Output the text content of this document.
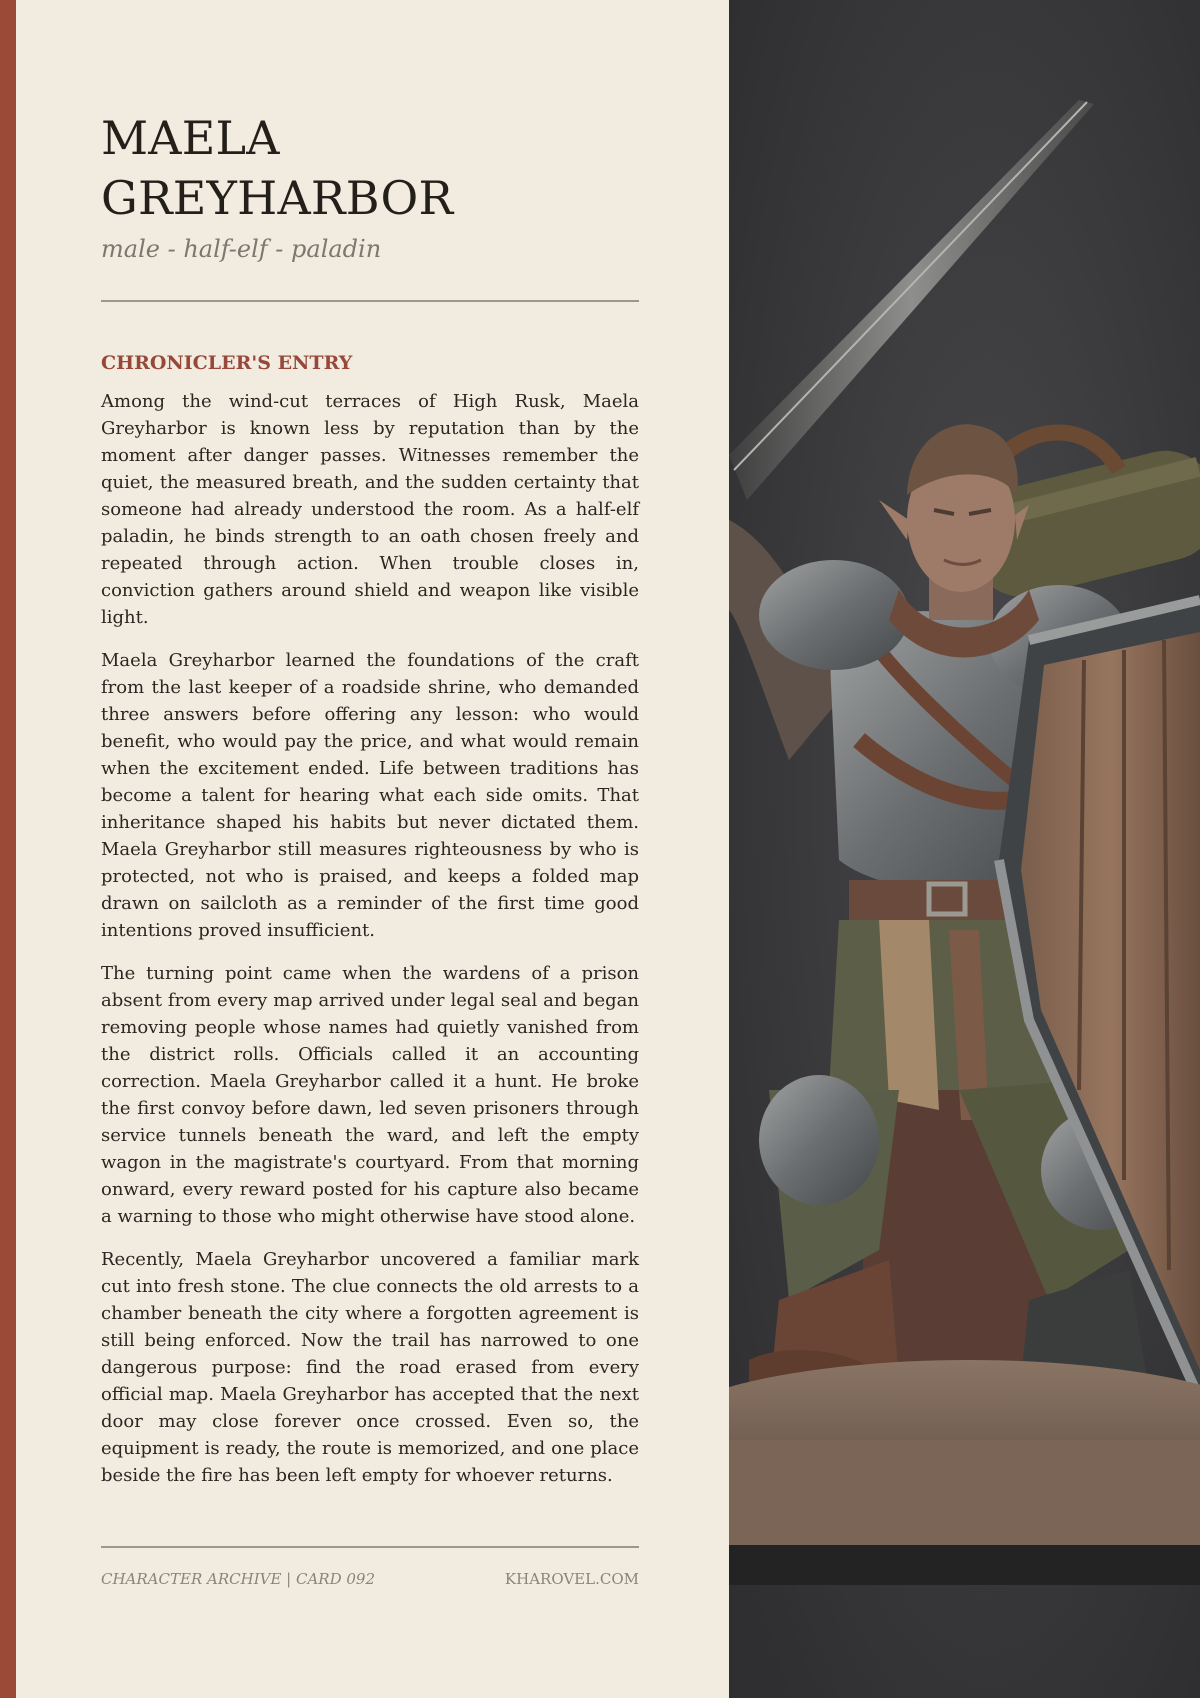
MAELA GREYHARBOR
male - half-elf - paladin
CHRONICLER'S ENTRY

Among the wind-cut terraces of High Rusk, Maela Greyharbor is known less by reputation than by the moment after danger passes. Witnesses remember the quiet, the measured breath, and the sudden certainty that someone had already understood the room. As a half-elf paladin, he binds strength to an oath chosen freely and repeated through action. When trouble closes in, conviction gathers around shield and weapon like visible light.

Maela Greyharbor learned the foundations of the craft from the last keeper of a roadside shrine, who demanded three answers before offering any lesson: who would benefit, who would pay the price, and what would remain when the excitement ended. Life between traditions has become a talent for hearing what each side omits. That inheritance shaped his habits but never dictated them. Maela Greyharbor still measures righteousness by who is protected, not who is praised, and keeps a folded map drawn on sailcloth as a reminder of the first time good intentions proved insufficient.

The turning point came when the wardens of a prison absent from every map arrived under legal seal and began removing people whose names had quietly vanished from the district rolls. Officials called it an accounting correction. Maela Greyharbor called it a hunt. He broke the first convoy before dawn, led seven prisoners through service tunnels beneath the ward, and left the empty wagon in the magistrate's courtyard. From that morning onward, every reward posted for his capture also became a warning to those who might otherwise have stood alone.

Recently, Maela Greyharbor uncovered a familiar mark cut into fresh stone. The clue connects the old arrests to a chamber beneath the city where a forgotten agreement is still being enforced. Now the trail has narrowed to one dangerous purpose: find the road erased from every official map. Maela Greyharbor has accepted that the next door may close forever once crossed. Even so, the equipment is ready, the route is memorized, and one place beside the fire has been left empty for whoever returns.

CHARACTER ARCHIVE | CARD 092	KHAROVEL.COM
